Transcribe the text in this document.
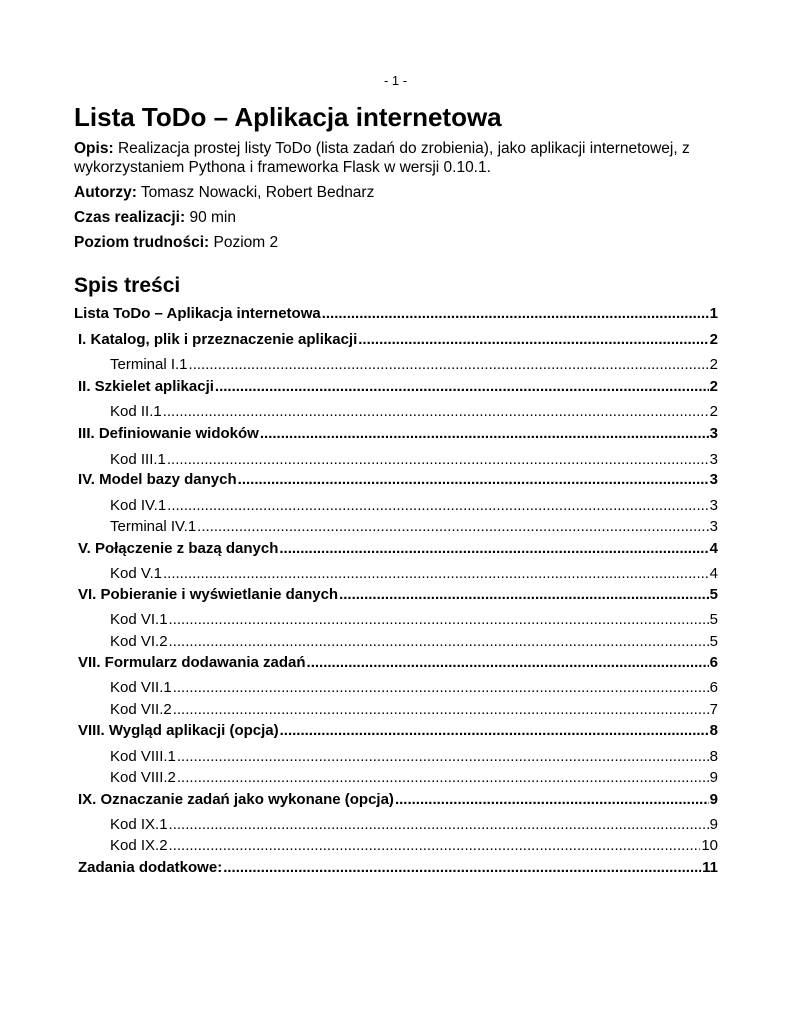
- 1 -
Lista ToDo – Aplikacja internetowa

Opis: Realizacja prostej listy ToDo (lista zadań do zrobienia), jako aplikacji internetowej, z wykorzystaniem Pythona i frameworka Flask w wersji 0.10.1.

Autorzy: Tomasz Nowacki, Robert Bednarz

Czas realizacji: 90 min

Poziom trudności: Poziom 2

Spis treści
Lista ToDo – Aplikacja internetowa .....	1
I. Katalog, plik i przeznaczenie aplikacji .....	2
Terminal I.1 .....	2
II. Szkielet aplikacji .....	2
Kod II.1 .....	2
III. Definiowanie widoków .....	3
Kod III.1 .....	3
IV. Model bazy danych .....	3
Kod IV.1 .....	3
Terminal IV.1 .....	3
V. Połączenie z bazą danych .....	4
Kod V.1 .....	4
VI. Pobieranie i wyświetlanie danych .....	5
Kod VI.1 .....	5
Kod VI.2 .....	5
VII. Formularz dodawania zadań .....	6
Kod VII.1 .....	6
Kod VII.2 .....	7
VIII. Wygląd aplikacji (opcja) .....	8
Kod VIII.1 .....	8
Kod VIII.2 .....	9
IX. Oznaczanie zadań jako wykonane (opcja) .....	9
Kod IX.1 .....	9
Kod IX.2 .....	10
Zadania dodatkowe: .....	11
